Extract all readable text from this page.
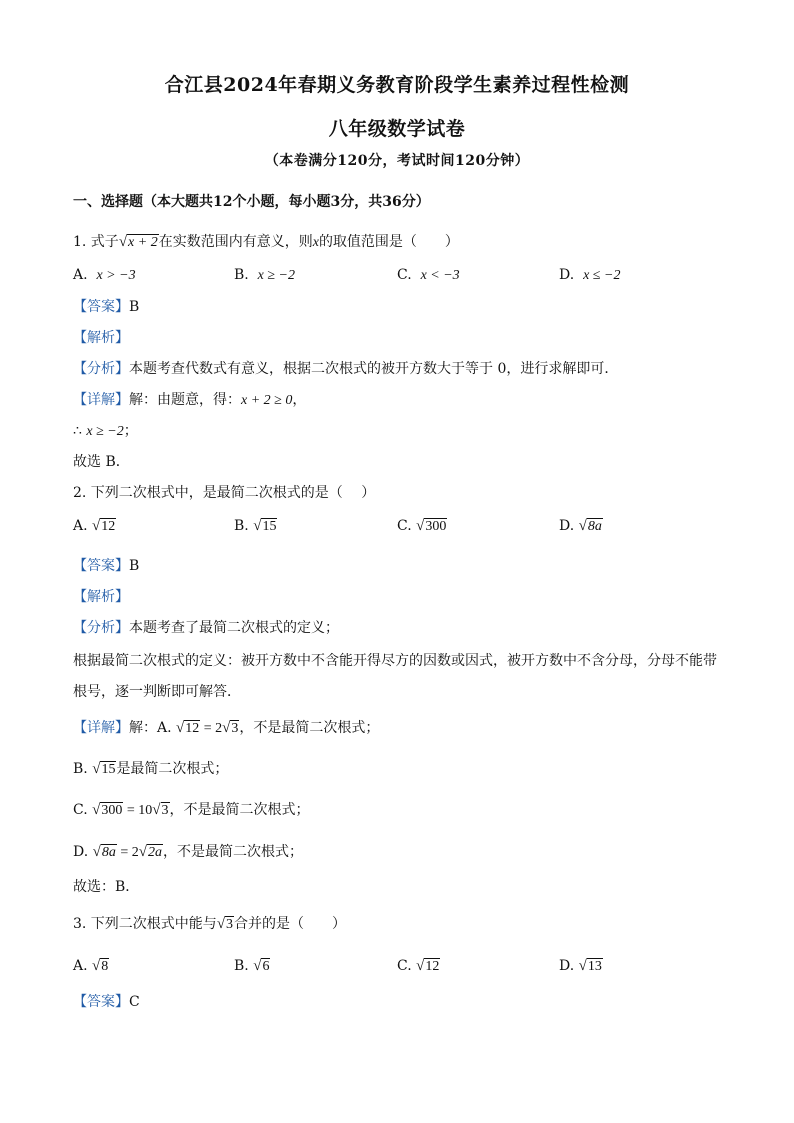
合江县2024年春期义务教育阶段学生素养过程性检测
八年级数学试卷
（本卷满分120分，考试时间120分钟）
一、选择题（本大题共12个小题，每小题3分，共36分）
1. 式子√x + 2在实数范围内有意义，则x的取值范围是（　　）
A. x > −3	B. x ≥ −2	C. x < −3	D. x ≤ −2
【答案】B
【解析】
【分析】本题考查代数式有意义，根据二次根式的被开方数大于等于 0，进行求解即可．
【详解】解：由题意，得：x + 2 ≥ 0，
∴ x ≥ −2；
故选 B．
2. 下列二次根式中，是最简二次根式的是（　 ）
A. √12	B. √15	C. √300	D. √8a
【答案】B
【解析】
【分析】本题考查了最简二次根式的定义；
根据最简二次根式的定义：被开方数中不含能开得尽方的因数或因式，被开方数中不含分母，分母不能带根号，逐一判断即可解答．
【详解】解：A. √12 = 2√3，不是最简二次根式；
B. √15是最简二次根式；
C. √300 = 10√3，不是最简二次根式；
D. √8a = 2√2a，不是最简二次根式；
故选：B．
3. 下列二次根式中能与√3合并的是（　　）
A. √8	B. √6	C. √12	D. √13
【答案】C
